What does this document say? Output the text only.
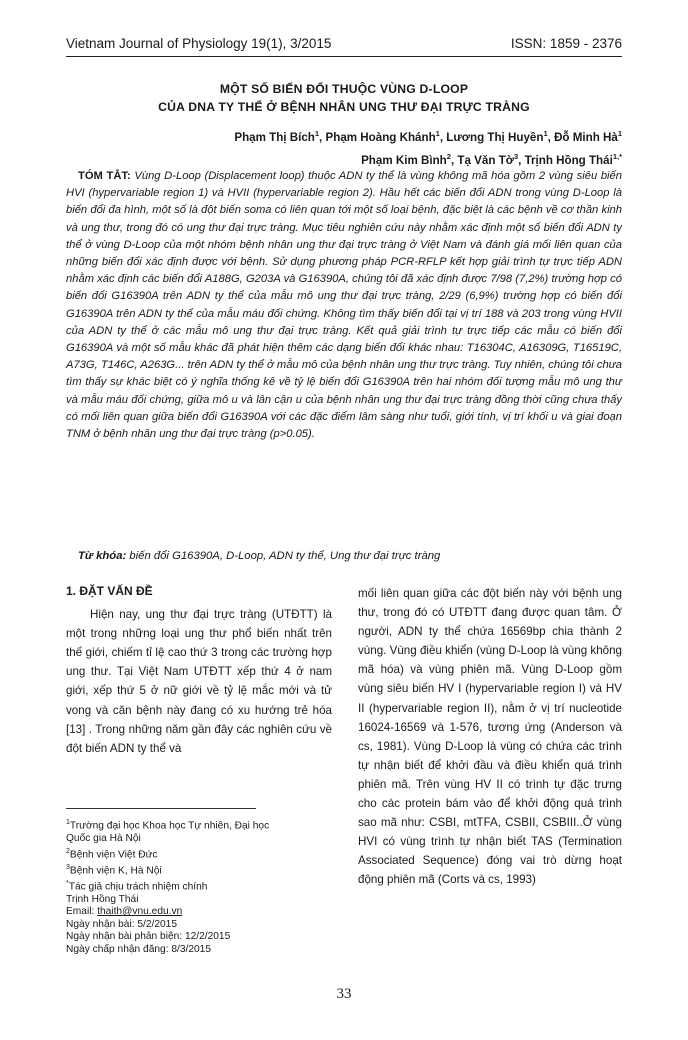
Vietnam Journal of Physiology 19(1), 3/2015	ISSN: 1859 - 2376
MỘT SỐ BIẾN ĐỔI THUỘC VÙNG D-LOOP
CỦA DNA TY THỂ Ở BỆNH NHÂN UNG THƯ ĐẠI TRỰC TRÀNG
Phạm Thị Bích$^1$, Phạm Hoàng Khánh$^1$, Lương Thị Huyền$^1$, Đỗ Minh $Hà^1$
Phạm Kim Bình$^2$, Tạ Văn Tờ$^3$, Trịnh Hồng Thái$^{1,*}$
TÓM TẮT: Vùng D-Loop (Displacement loop) thuộc ADN ty thể là vùng không mã hóa gồm 2 vùng siêu biến HVI (hypervariable region 1) và HVII (hypervariable region 2). Hầu hết các biến đổi ADN trong vùng D-Loop là biến đổi đa hình, một số là đột biến soma có liên quan tới một số loại bệnh, đặc biệt là các bệnh về cơ thần kinh và ung thư, trong đó có ung thư đại trực tràng. Mục tiêu nghiên cứu này nhằm xác định một số biến đổi ADN ty thể ở vùng D-Loop của một nhóm bệnh nhân ung thư đại trực tràng ở Việt Nam và đánh giá mối liên quan của những biến đổi xác định được với bệnh. Sử dụng phương pháp PCR-RFLP kết hợp giải trình tự trực tiếp ADN nhằm xác định các biến đổi A188G, G203A và G16390A, chúng tôi đã xác định được 7/98 (7,2%) trường hợp có biến đổi G16390A trên ADN ty thể của mẫu mô ung thư đại trực tràng, 2/29 (6,9%) trường hợp có biến đổi G16390A trên ADN ty thể của mẫu máu đối chứng. Không tìm thấy biến đổi tại vị trí 188 và 203 trong vùng HVII của ADN ty thể ở các mẫu mô ung thư đại trực tràng. Kết quả giải trình tự trực tiếp các mẫu có biến đổi G16390A và một số mẫu khác đã phát hiện thêm các dạng biến đổi khác nhau: T16304C, A16309G, T16519C, A73G, T146C, A263G... trên ADN ty thể ở mẫu mô của bệnh nhân ung thư trực tràng. Tuy nhiên, chúng tôi chưa tìm thấy sự khác biệt có ý nghĩa thống kê về tỷ lệ biến đổi G16390A trên hai nhóm đối tượng mẫu mô ung thư và mẫu máu đối chứng, giữa mô u và lân cận u của bệnh nhân ung thư đại trực tràng đồng thời cũng chưa thấy có mối liên quan giữa biến đổi G16390A với các đặc điểm lâm sàng như tuổi, giới tính, vị trí khối u và giai đoạn TNM ở bệnh nhân ung thư đại trực tràng (p>0.05).
Từ khóa: biến đổi G16390A, D-Loop, ADN ty thể, Ung thư đại trực tràng
1. ĐẶT VẤN ĐỀ
Hiện nay, ung thư đại trực tràng (UTĐTT) là một trong những loại ung thư phổ biến nhất trên thế giới, chiếm tỉ lệ cao thứ 3 trong các trường hợp ung thư. Tại Việt Nam UTĐTT xếp thứ 4 ở nam giới, xếp thứ 5 ở nữ giới về tỷ lệ mắc mới và tử vong và căn bệnh này đang có xu hướng trẻ hóa [13] . Trong những năm gần đây các nghiên cứu về đột biến ADN ty thể và
mối liên quan giữa các đột biến này với bệnh ung thư, trong đó có UTĐTT đang được quan tâm. Ở người, ADN ty thể chứa 16569bp chia thành 2 vùng. Vùng điều khiển (vùng D-Loop là vùng không mã hóa) và vùng phiên mã. Vùng D-Loop gồm vùng siêu biến HV I (hypervariable region I) và HV II (hypervariable region II), nằm ở vị trí nucleotide 16024-16569 và 1-576, tương ứng (Anderson và cs, 1981). Vùng D-Loop là vùng có chứa các trình tự nhận biết để khởi đầu và điều khiển quá trình phiên mã. Trên vùng HV II có trình tự đặc trưng cho các protein bám vào để khởi động quá trình sao mã như: CSBI, mtTFA, CSBII, CSBIII..Ở vùng HVI có vùng trình tự nhận biết TAS (Termination Associated Sequence) đóng vai trò dừng hoạt động phiên mã (Corts và cs, 1993)
$^1$Trường đại học Khoa học Tự nhiên, Đại học
Quốc gia Hà Nội
$^2$Bệnh viện Việt Đức
$^3$Bệnh viện K, Hà Nội
*Tác giả chịu trách nhiệm chính
Trịnh Hồng Thái
Email: thaith@vnu.edu.vn
Ngày nhận bài: 5/2/2015
Ngày nhận bài phản biện: 12/2/2015
Ngày chấp nhận đăng: 8/3/2015
33
